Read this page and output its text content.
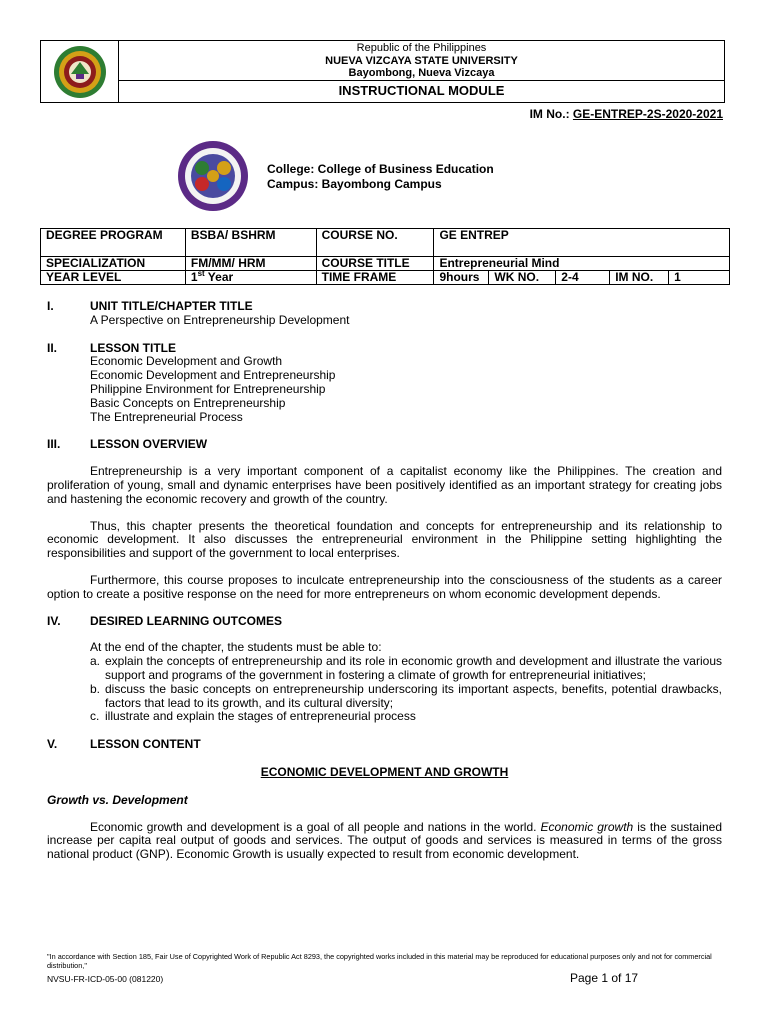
Republic of the Philippines
NUEVA VIZCAYA STATE UNIVERSITY
Bayombong, Nueva Vizcaya
INSTRUCTIONAL MODULE
IM No.: GE-ENTREP-2S-2020-2021
College: College of Business Education
Campus: Bayombong Campus
DEGREE PROGRAM	BSBA/ BSHRM	COURSE NO.	GE ENTREP				
SPECIALIZATION	FM/MM/ HRM	COURSE TITLE	Entrepreneurial Mind				
YEAR LEVEL	1st Year	TIME FRAME	9hours	WK NO.	2-4	IM NO.	1
I.	UNIT TITLE/CHAPTER TITLE
A Perspective on Entrepreneurship Development
II.	LESSON TITLE
Economic Development and Growth
Economic Development and Entrepreneurship
Philippine Environment for Entrepreneurship
Basic Concepts on Entrepreneurship
The Entrepreneurial Process
III. LESSON OVERVIEW

Entrepreneurship is a very important component of a capitalist economy like the Philippines. The creation and proliferation of young, small and dynamic enterprises have been positively identified as an important strategy for creating jobs and hastening the economic recovery and growth of the country.

Thus, this chapter presents the theoretical foundation and concepts for entrepreneurship and its relationship to economic development. It also discusses the entrepreneurial environment in the Philippine setting highlighting the responsibilities and support of the government to local enterprises.

Furthermore, this course proposes to inculcate entrepreneurship into the consciousness of the students as a career option to create a positive response on the need for more entrepreneurs on whom economic development depends.

IV. DESIRED LEARNING OUTCOMES
At the end of the chapter, the students must be able to:
a. explain the concepts of entrepreneurship and its role in economic growth and development and illustrate the various support and programs of the government in fostering a climate of growth for entrepreneurial initiatives;
b. discuss the basic concepts on entrepreneurship underscoring its important aspects, benefits, potential drawbacks, factors that lead to its growth, and its cultural diversity;
c. illustrate and explain the stages of entrepreneurial process
V.	LESSON CONTENT
ECONOMIC DEVELOPMENT AND GROWTH
Growth vs. Development

Economic growth and development is a goal of all people and nations in the world. Economic growth is the sustained increase per capita real output of goods and services. The output of goods and services is measured in terms of the gross national product (GNP). Economic Growth is usually expected to result from economic development.

"In accordance with Section 185, Fair Use of Copyrighted Work of Republic Act 8293, the copyrighted works included in this material may be reproduced for educational purposes only and not for commercial distribution,"
NVSU-FR-ICD-05-00 (081220)	Page 1 of 17
